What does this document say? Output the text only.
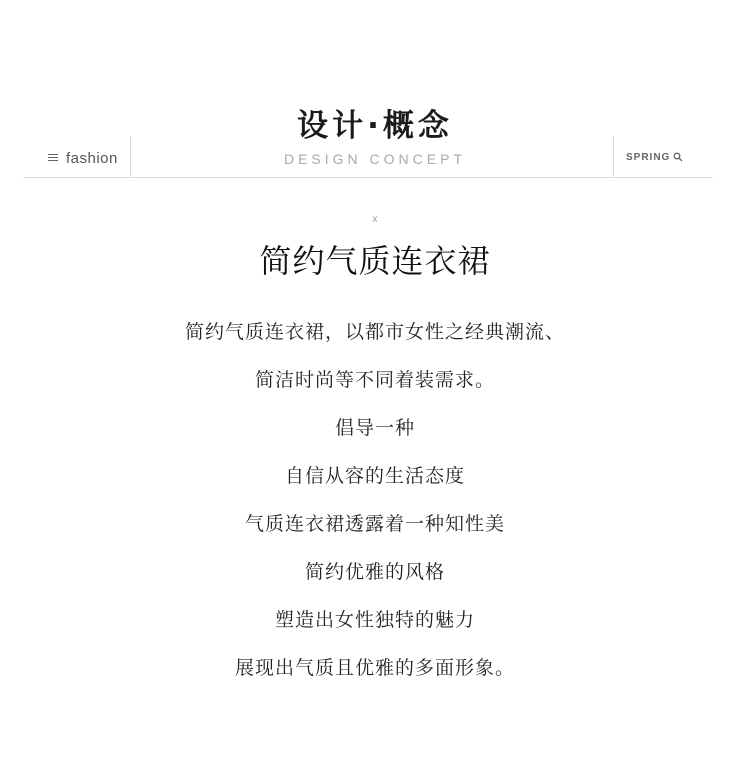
设计·概念
DESIGN CONCEPT
fashion	SPRING
x
简约气质连衣裙
简约气质连衣裙，以都市女性之经典潮流、
简洁时尚等不同着装需求。
倡导一种
自信从容的生活态度
气质连衣裙透露着一种知性美
简约优雅的风格
塑造出女性独特的魅力
展现出气质且优雅的多面形象。
